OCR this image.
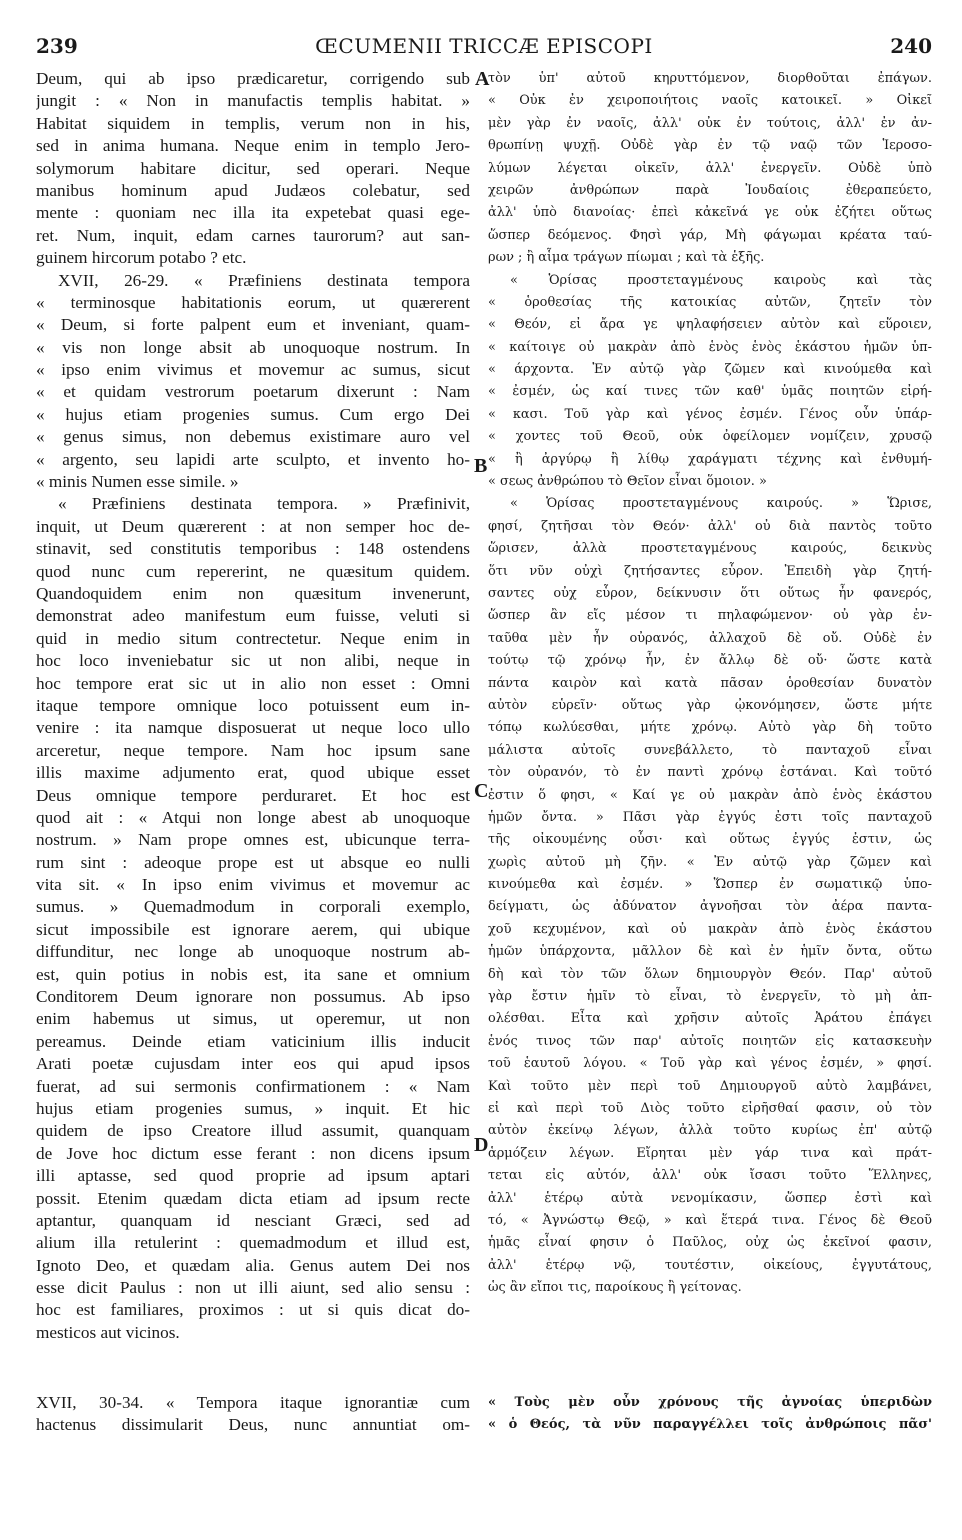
239	ŒCUMENII TRICCÆ EPISCOPI	240
Deum, qui ab ipso prædicaretur, corrigendo sub
jungit : « Non in manufactis templis habitat. »
Habitat siquidem in templis, verum non in his,
sed in anima humana. Neque enim in templo Jero-
solymorum habitare dicitur, sed operari. Neque
manibus hominum apud Judæos colebatur, sed
mente : quoniam nec illa ita expetebat quasi ege-
ret. Num, inquit, edam carnes taurorum? aut san-
guinem hircorum potabo ? etc.
XVII, 26-29. « Præfiniens destinata tempora
« terminosque habitationis eorum, ut quærerent
« Deum, si forte palpent eum et inveniant, quam-
« vis non longe absit ab unoquoque nostrum. In
« ipso enim vivimus et movemur ac sumus, sicut
« et quidam vestrorum poetarum dixerunt : Nam
« hujus etiam progenies sumus. Cum ergo Dei
« genus simus, non debemus existimare auro vel
« argento, seu lapidi arte sculpto, et invento ho-
« minis Numen esse simile. »
« Præfiniens destinata tempora. » Præfinivit,
inquit, ut Deum quærerent : at non semper hoc de-
stinavit, sed constitutis temporibus : 148 ostendens
quod nunc cum repererint, ne quæsitum quidem.
Quandoquidem enim non quæsitum invenerunt,
demonstrat adeo manifestum eum fuisse, veluti si
quid in medio situm contrectetur. Neque enim in
hoc loco inveniebatur sic ut non alibi, neque in
hoc tempore erat sic ut in alio non esset : Omni
itaque tempore omnique loco potuissent eum in-
venire : ita namque disposuerat ut neque loco ullo
arceretur, neque tempore. Nam hoc ipsum sane
illis maxime adjumento erat, quod ubique esset
Deus omnique tempore perduraret. Et hoc est
quod ait : « Atqui non longe abest ab unoquoque
nostrum. » Nam prope omnes est, ubicunque terra-
rum sint : adeoque prope est ut absque eo nulli
vita sit. « In ipso enim vivimus et movemur ac
sumus. » Quemadmodum in corporali exemplo,
sicut impossibile est ignorare aerem, qui ubique
diffunditur, nec longe ab unoquoque nostrum ab-
est, quin potius in nobis est, ita sane et omnium
Conditorem Deum ignorare non possumus. Ab ipso
enim habemus ut simus, ut operemur, ut non
pereamus. Deinde etiam vaticinium illis inducit
Arati poetæ cujusdam inter eos qui apud ipsos
fuerat, ad sui sermonis confirmationem : « Nam
hujus etiam progenies sumus, » inquit. Et hic
quidem de ipso Creatore illud assumit, quanquam
de Jove hoc dictum esse ferant : non dicens ipsum
illi aptasse, sed quod proprie ad ipsum aptari
possit. Etenim quædam dicta etiam ad ipsum recte
aptantur, quanquam id nesciant Græci, sed ad
alium illa retulerint : quemadmodum et illud est,
Ignoto Deo, et quædam alia. Genus autem Dei nos
esse dicit Paulus : non ut illi aiunt, sed alio sensu :
hoc est familiares, proximos : ut si quis dicat do-
mesticos aut vicinos.
τὸν ὑπ' αὐτοῦ κηρυττόμενον, διορθοῦται ἐπάγων.
« Οὐκ ἐν χειροποιήτοις ναοῖς κατοικεῖ. » Οἰκεῖ
μὲν γὰρ ἐν ναοῖς, ἀλλ' οὐκ ἐν τούτοις, ἀλλ' ἐν ἀν-
θρωπίνῃ ψυχῇ. Οὐδὲ γὰρ ἐν τῷ ναῷ τῶν Ἱεροσο-
λύμων λέγεται οἰκεῖν, ἀλλ' ἐνεργεῖν. Οὐδὲ ὑπὸ
χειρῶν ἀνθρώπων παρὰ Ἰουδαίοις ἐθεραπεύετο,
ἀλλ' ὑπὸ διανοίας· ἐπεὶ κἀκεῖνά γε οὐκ ἐζήτει οὕτως
ὥσπερ δεόμενος. Φησὶ γάρ, Μὴ φάγωμαι κρέατα ταύ-
ρων ; ἢ αἷμα τράγων πίωμαι ; καὶ τὰ ἑξῆς.
« Ὁρίσας προστεταγμένους καιροὺς καὶ τὰς
« ὁροθεσίας τῆς κατοικίας αὐτῶν, ζητεῖν τὸν
« Θεόν, εἰ ἄρα γε ψηλαφήσειεν αὐτὸν καὶ εὕροιεν,
« καίτοιγε οὐ μακρὰν ἀπὸ ἑνὸς ἑνὸς ἑκάστου ἡμῶν ὑπ-
« άρχοντα. Ἐν αὐτῷ γὰρ ζῶμεν καὶ κινούμεθα καὶ
« ἐσμέν, ὡς καί τινες τῶν καθ' ὑμᾶς ποιητῶν εἰρή-
« κασι. Τοῦ γὰρ καὶ γένος ἐσμέν. Γένος οὖν ὑπάρ-
« χοντες τοῦ Θεοῦ, οὐκ ὀφείλομεν νομίζειν, χρυσῷ
« ἢ ἀργύρῳ ἢ λίθῳ χαράγματι τέχνης καὶ ἐνθυμή-
« σεως ἀνθρώπου τὸ Θεῖον εἶναι ὅμοιον. »
« Ὁρίσας προστεταγμένους καιρούς. » Ὥρισε,
φησί, ζητῆσαι τὸν Θεόν· ἀλλ' οὐ διὰ παντὸς τοῦτο
ὥρισεν, ἀλλὰ προστεταγμένους καιρούς, δεικνὺς
ὅτι νῦν οὐχὶ ζητήσαντες εὗρον. Ἐπειδὴ γὰρ ζητή-
σαντες οὐχ εὗρον, δείκνυσιν ὅτι οὕτως ἦν φανερός,
ὥσπερ ἂν εἴς μέσον τι πηλαφώμενον· οὐ γὰρ ἐν-
ταῦθα μὲν ἦν οὐρανός, ἀλλαχοῦ δὲ οὔ. Οὐδὲ ἐν
τούτῳ τῷ χρόνῳ ἦν, ἐν ἄλλῳ δὲ οὔ· ὥστε κατὰ
πάντα καιρὸν καὶ κατὰ πᾶσαν ὁροθεσίαν δυνατὸν
αὐτὸν εὑρεῖν· οὕτως γὰρ ᾠκονόμησεν, ὥστε μήτε
τόπῳ κωλύεσθαι, μήτε χρόνῳ. Αὐτὸ γὰρ δὴ τοῦτο
μάλιστα αὐτοῖς συνεβάλλετο, τὸ πανταχοῦ εἶναι
τὸν οὐρανόν, τὸ ἐν παντὶ χρόνῳ ἑστάναι. Καὶ τοῦτό
ἐστιν ὅ φησι, « Καί γε οὐ μακρὰν ἀπὸ ἑνὸς ἑκάστου
ἡμῶν ὄντα. » Πᾶσι γὰρ ἐγγύς ἐστι τοῖς πανταχοῦ
τῆς οἰκουμένης οὖσι· καὶ οὕτως ἐγγύς ἐστιν, ὡς
χωρὶς αὐτοῦ μὴ ζῆν. « Ἐν αὐτῷ γὰρ ζῶμεν καὶ
κινούμεθα καὶ ἐσμέν. » Ὥσπερ ἐν σωματικῷ ὑπο-
δείγματι, ὡς ἀδύνατον ἀγνοῆσαι τὸν ἀέρα παντα-
χοῦ κεχυμένον, καὶ οὐ μακρὰν ἀπὸ ἑνὸς ἑκάστου
ἡμῶν ὑπάρχοντα, μᾶλλον δὲ καὶ ἐν ἡμῖν ὄντα, οὕτω
δὴ καὶ τὸν τῶν ὅλων δημιουργὸν Θεόν. Παρ' αὐτοῦ
γὰρ ἔστιν ἡμῖν τὸ εἶναι, τὸ ἐνεργεῖν, τὸ μὴ ἀπ-
ολέσθαι. Εἶτα καὶ χρῆσιν αὐτοῖς Ἀράτου ἐπάγει
ἑνός τινος τῶν παρ' αὐτοῖς ποιητῶν εἰς κατασκευὴν
τοῦ ἑαυτοῦ λόγου. « Τοῦ γὰρ καὶ γένος ἐσμέν, » φησί.
Καὶ τοῦτο μὲν περὶ τοῦ Δημιουργοῦ αὐτὸ λαμβάνει,
εἰ καὶ περὶ τοῦ Διὸς τοῦτο εἰρῆσθαί φασιν, οὐ τὸν
αὐτὸν ἐκείνῳ λέγων, ἀλλὰ τοῦτο κυρίως ἐπ' αὐτῷ
ἁρμόζειν λέγων. Εἴρηται μὲν γάρ τινα καὶ πράτ-
τεται εἰς αὐτόν, ἀλλ' οὐκ ἴσασι τοῦτο Ἕλληνες,
ἀλλ' ἑτέρῳ αὐτὰ νενομίκασιν, ὥσπερ ἐστὶ καὶ
τό, « Ἀγνώστῳ Θεῷ, » καὶ ἕτερά τινα. Γένος δὲ Θεοῦ
ἡμᾶς εἶναί φησιν ὁ Παῦλος, οὐχ ὡς ἐκεῖνοί φασιν,
ἀλλ' ἑτέρῳ νῷ, τουτέστιν, οἰκείους, ἐγγυτάτους,
ὡς ἂν εἴποι τις, παροίκους ἢ γείτονας.
A
B
C
D
XVII, 30-34. « Tempora itaque ignorantiæ cum
hactenus dissimularit Deus, nunc annuntiat om-
« Τοὺς μὲν οὖν χρόνους τῆς ἀγνοίας ὑπεριδὼν
« ὁ Θεός, τὰ νῦν παραγγέλλει τοῖς ἀνθρώποις πᾶσ'
